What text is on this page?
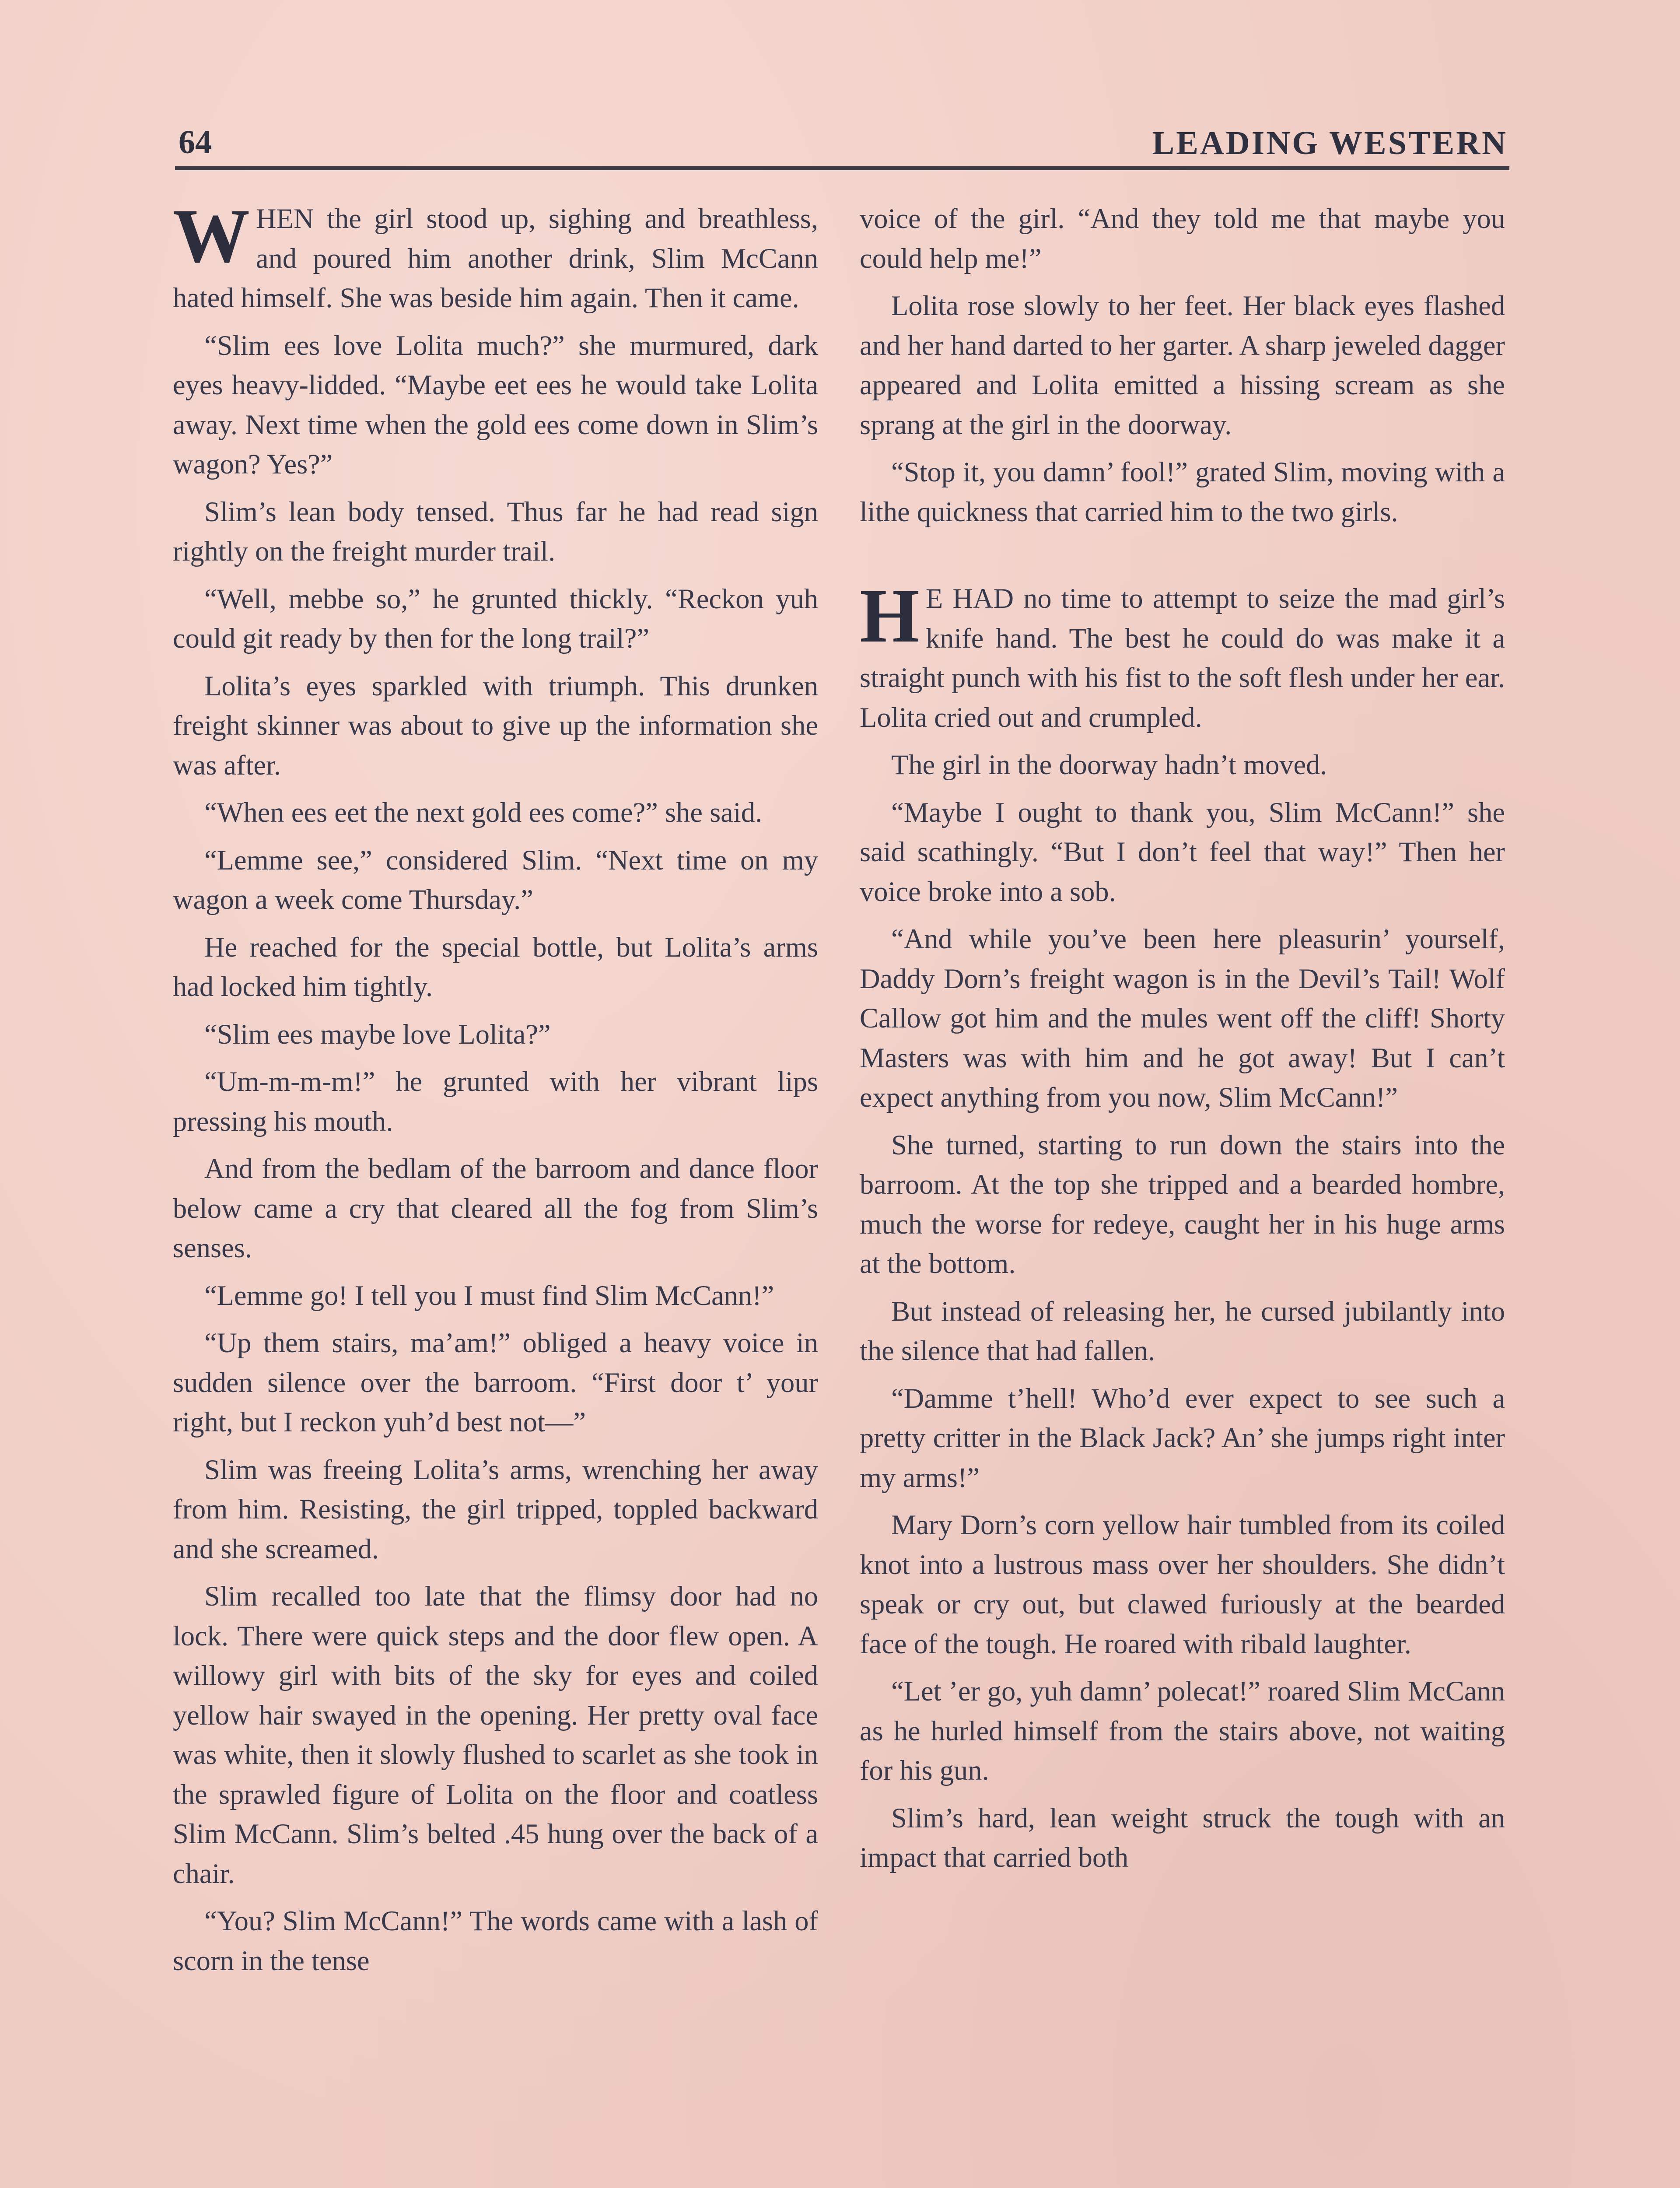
64	LEADING WESTERN

WHEN the girl stood up, sighing and breathless, and poured him another drink, Slim McCann hated himself. She was beside him again. Then it came.

“Slim ees love Lolita much?” she murmured, dark eyes heavy-lidded. “Maybe eet ees he would take Lolita away. Next time when the gold ees come down in Slim’s wagon? Yes?”

Slim’s lean body tensed. Thus far he had read sign rightly on the freight murder trail.

“Well, mebbe so,” he grunted thickly. “Reckon yuh could git ready by then for the long trail?”

Lolita’s eyes sparkled with triumph. This drunken freight skinner was about to give up the information she was after.

“When ees eet the next gold ees come?” she said.

“Lemme see,” considered Slim. “Next time on my wagon a week come Thursday.”

He reached for the special bottle, but Lolita’s arms had locked him tightly.

“Slim ees maybe love Lolita?”

“Um-m-m-m!” he grunted with her vibrant lips pressing his mouth.

And from the bedlam of the barroom and dance floor below came a cry that cleared all the fog from Slim’s senses.

“Lemme go! I tell you I must find Slim McCann!”

“Up them stairs, ma’am!” obliged a heavy voice in sudden silence over the barroom. “First door t’ your right, but I reckon yuh’d best not—”

Slim was freeing Lolita’s arms, wrenching her away from him. Resisting, the girl tripped, toppled backward and she screamed.

Slim recalled too late that the flimsy door had no lock. There were quick steps and the door flew open. A willowy girl with bits of the sky for eyes and coiled yellow hair swayed in the opening. Her pretty oval face was white, then it slowly flushed to scarlet as she took in the sprawled figure of Lolita on the floor and coatless Slim McCann. Slim’s belted .45 hung over the back of a chair.

“You? Slim McCann!” The words came with a lash of scorn in the tense

voice of the girl. “And they told me that maybe you could help me!”

Lolita rose slowly to her feet. Her black eyes flashed and her hand darted to her garter. A sharp jeweled dagger appeared and Lolita emitted a hissing scream as she sprang at the girl in the doorway.

“Stop it, you damn’ fool!” grated Slim, moving with a lithe quickness that carried him to the two girls.

H E HAD no time to attempt to seize the mad girl’s knife hand. The best he could do was make it a straight punch with his fist to the soft flesh under her ear. Lolita cried out and crumpled.

The girl in the doorway hadn’t moved.

“Maybe I ought to thank you, Slim McCann!” she said scathingly. “But I don’t feel that way!” Then her voice broke into a sob.

“And while you’ve been here pleasurin’ yourself, Daddy Dorn’s freight wagon is in the Devil’s Tail! Wolf Callow got him and the mules went off the cliff! Shorty Masters was with him and he got away! But I can’t expect anything from you now, Slim McCann!”

She turned, starting to run down the stairs into the barroom. At the top she tripped and a bearded hombre, much the worse for redeye, caught her in his huge arms at the bottom.

But instead of releasing her, he cursed jubilantly into the silence that had fallen.

“Damme t’hell! Who’d ever expect to see such a pretty critter in the Black Jack? An’ she jumps right inter my arms!”

Mary Dorn’s corn yellow hair tumbled from its coiled knot into a lustrous mass over her shoulders. She didn’t speak or cry out, but clawed furiously at the bearded face of the tough. He roared with ribald laughter.

“Let ’er go, yuh damn’ polecat!” roared Slim McCann as he hurled himself from the stairs above, not waiting for his gun.

Slim’s hard, lean weight struck the tough with an impact that carried both
